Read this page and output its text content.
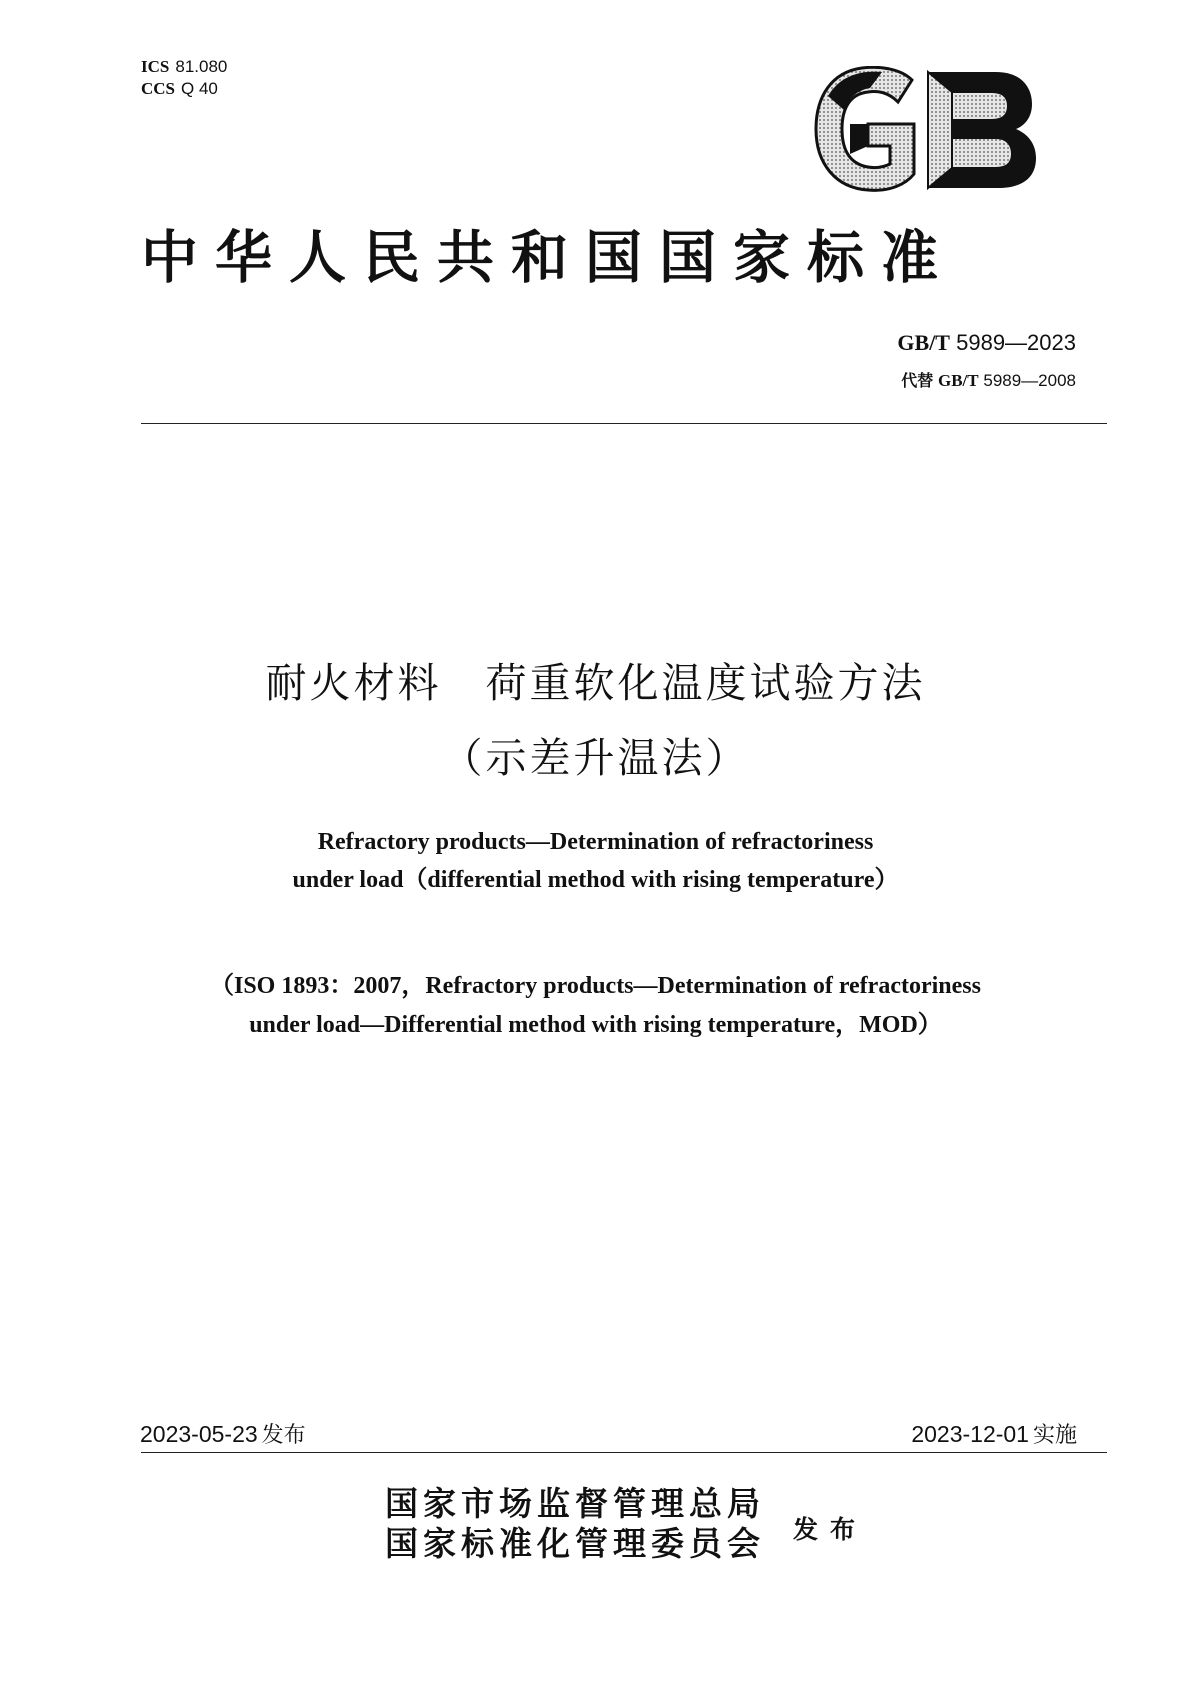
ICS 81.080
CCS Q 40
中华人民共和国国家标准
GB/T 5989—2023
代替 GB/T 5989—2008
耐火材料　荷重软化温度试验方法
（示差升温法）
Refractory products—Determination of refractoriness
under load（differential method with rising temperature）
（ISO 1893：2007，Refractory products—Determination of refractoriness
under load—Differential method with rising temperature，MOD）
2023-05-23 发布	2023-12-01 实施
国家市场监督管理总局
国家标准化管理委员会 发布
